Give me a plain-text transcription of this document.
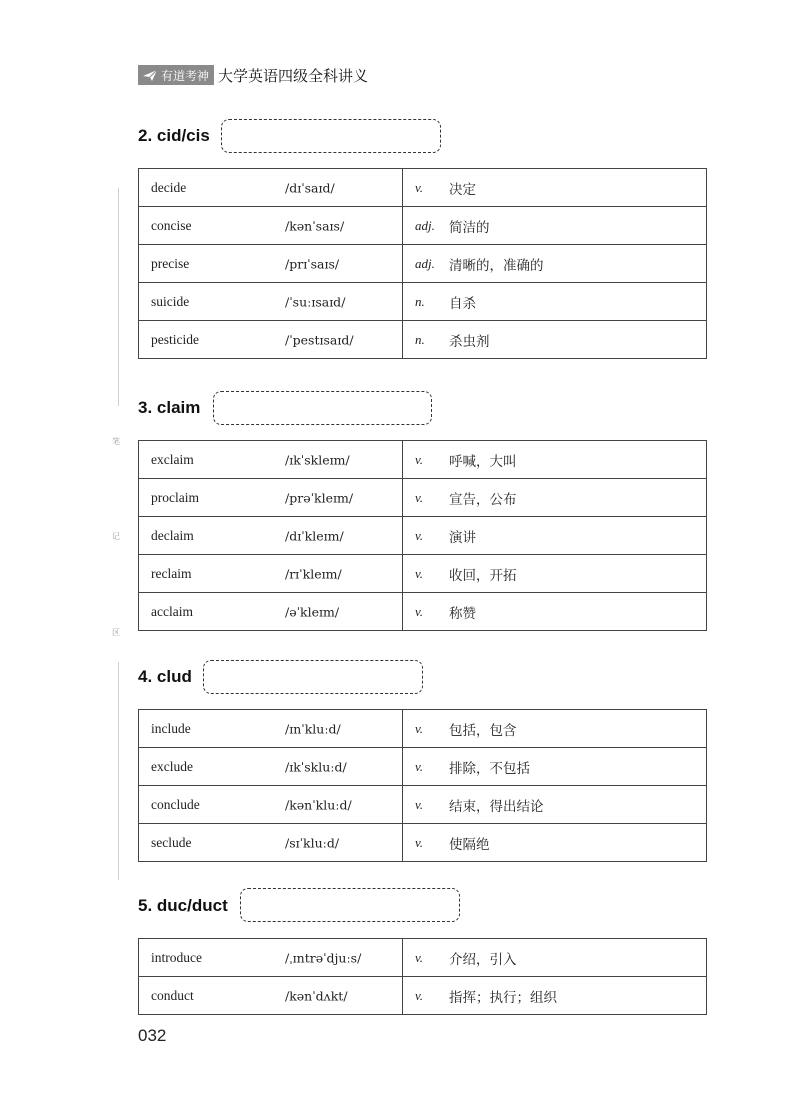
有道考神 大学英语四级全科讲义
笔
记
区
2. cid/cis
decide /dɪˈsaɪd/	v. 决定

concise /kənˈsaɪs/	adj. 简洁的

precise /prɪˈsaɪs/	adj. 清晰的，准确的

suicide /ˈsuːɪsaɪd/	n. 自杀

pesticide /ˈpestɪsaɪd/	n. 杀虫剂
3. claim
exclaim /ɪkˈskleɪm/	v. 呼喊，大叫

proclaim /prəˈkleɪm/	v. 宣告，公布

declaim /dɪˈkleɪm/	v. 演讲

reclaim /rɪˈkleɪm/	v. 收回，开拓

acclaim /əˈkleɪm/	v. 称赞
4. clud
include /ɪnˈkluːd/	v. 包括，包含

exclude /ɪkˈskluːd/	v. 排除，不包括

conclude /kənˈkluːd/	v. 结束，得出结论

seclude /sɪˈkluːd/	v. 使隔绝
5. duc/duct
introduce /ˌɪntrəˈdjuːs/	v. 介绍，引入

conduct /kənˈdʌkt/	v. 指挥；执行；组织
032
